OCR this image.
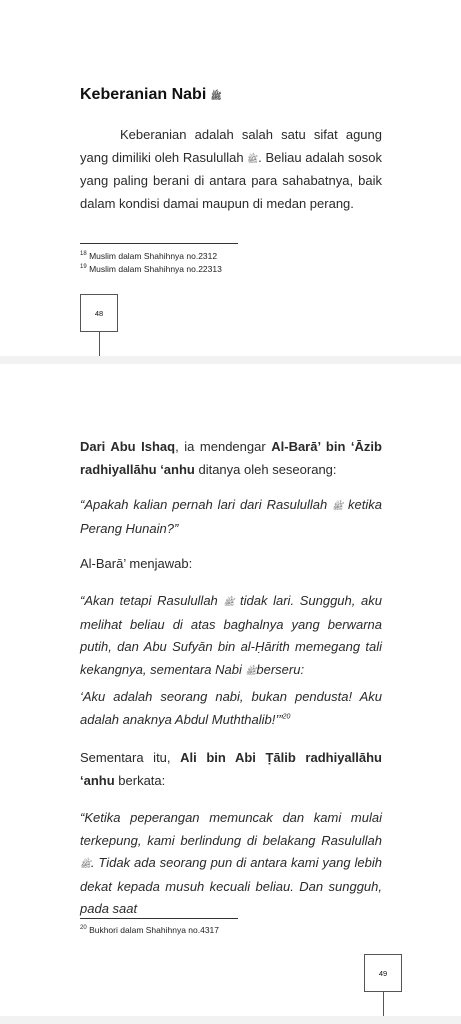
Keberanian Nabi ﷺ

Keberanian adalah salah satu sifat agung yang dimiliki oleh Rasulullah ﷺ. Beliau adalah sosok yang paling berani di antara para sahabatnya, baik dalam kondisi damai maupun di medan perang.

$^{18}$ Muslim dalam Shahihnya no.2312
$^{19}$ Muslim dalam Shahihnya no.22313
48

Dari Abu Ishaq, ia mendengar Al-Barā’ bin ‘Āzib radhiyallāhu ‘anhu ditanya oleh seseorang:

“Apakah kalian pernah lari dari Rasulullah ﷺ ketika Perang Hunain?”

Al-Barā’ menjawab:

“Akan tetapi Rasulullah ﷺ tidak lari. Sungguh, aku melihat beliau di atas baghalnya yang berwarna putih, dan Abu Sufyān bin al-Ḥārith memegang tali kekangnya, sementara Nabi ﷺberseru:

‘Aku adalah seorang nabi, bukan pendusta! Aku adalah anaknya Abdul Muththalib!’”$^{20}$

Sementara itu, Ali bin Abi Ṭālib radhiyallāhu ‘anhu berkata:

“Ketika peperangan memuncak dan kami mulai terkepung, kami berlindung di belakang Rasulullah ﷺ. Tidak ada seorang pun di antara kami yang lebih dekat kepada musuh kecuali beliau. Dan sungguh, pada saat

$^{20}$ Bukhori dalam Shahihnya no.4317
49
